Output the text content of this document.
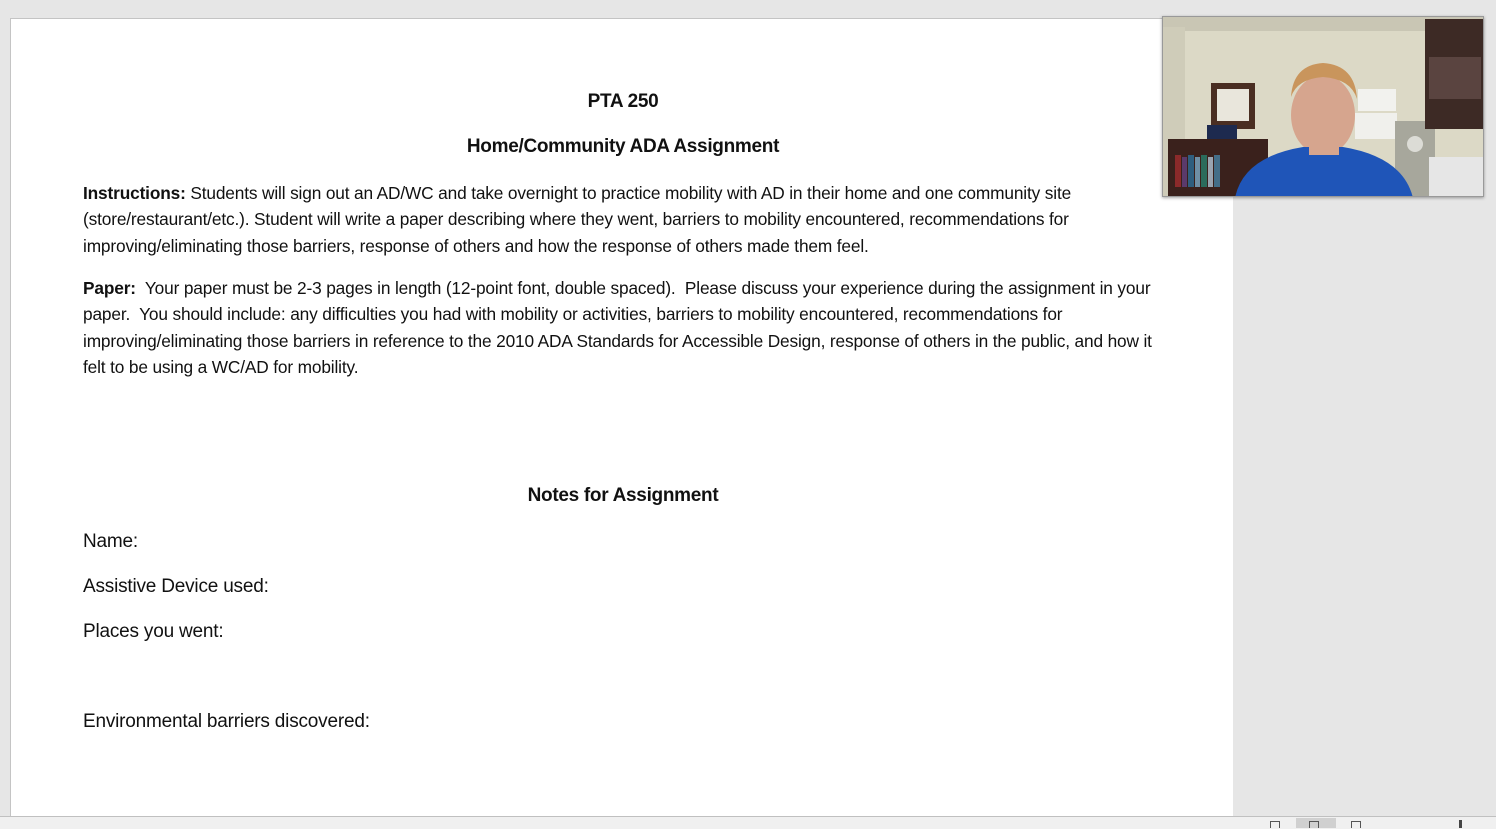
PTA 250
Home/Community ADA Assignment
Instructions: Students will sign out an AD/WC and take overnight to practice mobility with AD in their home and one community site (store/restaurant/etc.). Student will write a paper describing where they went, barriers to mobility encountered, recommendations for improving/eliminating those barriers, response of others and how the response of others made them feel.
Paper:  Your paper must be 2-3 pages in length (12-point font, double spaced).  Please discuss your experience during the assignment in your paper.  You should include: any difficulties you had with mobility or activities, barriers to mobility encountered, recommendations for improving/eliminating those barriers in reference to the 2010 ADA Standards for Accessible Design, response of others in the public, and how it felt to be using a WC/AD for mobility.
Notes for Assignment
Name:
Assistive Device used:
Places you went:
Environmental barriers discovered:
